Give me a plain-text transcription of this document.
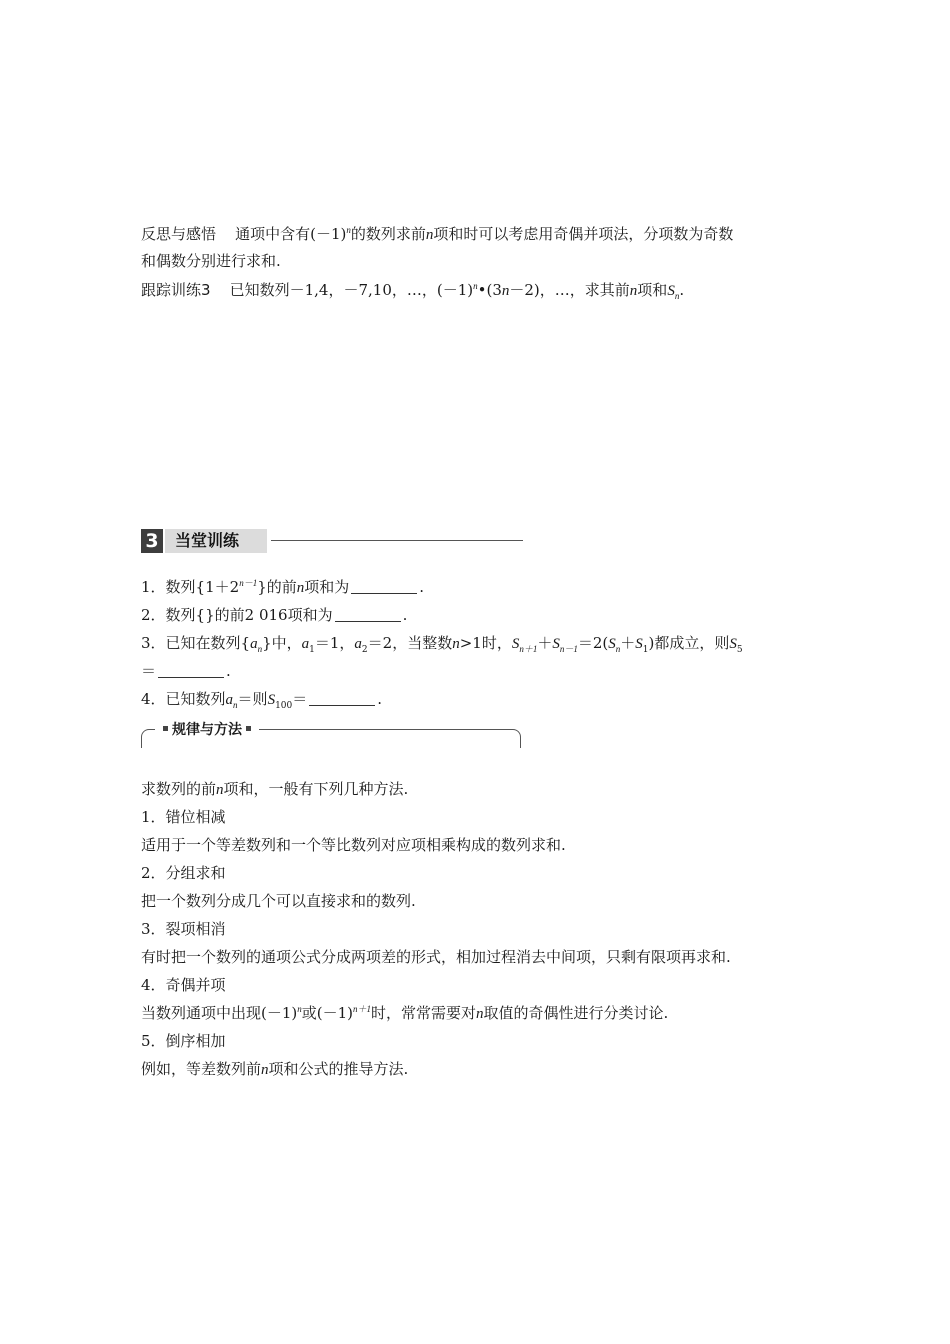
反思与感悟 通项中含有$(-1)^n$的数列求前n项和时可以考虑用奇偶并项法，分项数为奇数
和偶数分别进行求和.
跟踪训练3 已知数列－1,4，－7,10，…，$(-1)^n•(3n-2)$，…，求其前n项和$S_n$.
3	当堂训练
1．数列$\{1+2^{n-1}\}$的前n项和为	.
2．数列{}的前2 016项和为	.
3．已知在数列$\{a_n\}$中，$a_1=1$，$a_2=2$，当整数n>1时，$S_{n+1}+S_{n-1}=2(S_n+S_1)$都成立，则$S_5$
＝	.
4．已知数列$a_n=$则$S_{100}=$	.
规律与方法
求数列的前n项和，一般有下列几种方法.
1．错位相减
适用于一个等差数列和一个等比数列对应项相乘构成的数列求和.
2．分组求和
把一个数列分成几个可以直接求和的数列.
3．裂项相消
有时把一个数列的通项公式分成两项差的形式，相加过程消去中间项，只剩有限项再求和.
4．奇偶并项
当数列通项中出现$(-1)^n$或$(-1)^{n+1}$时，常常需要对n取值的奇偶性进行分类讨论.
5．倒序相加
例如，等差数列前n项和公式的推导方法.
